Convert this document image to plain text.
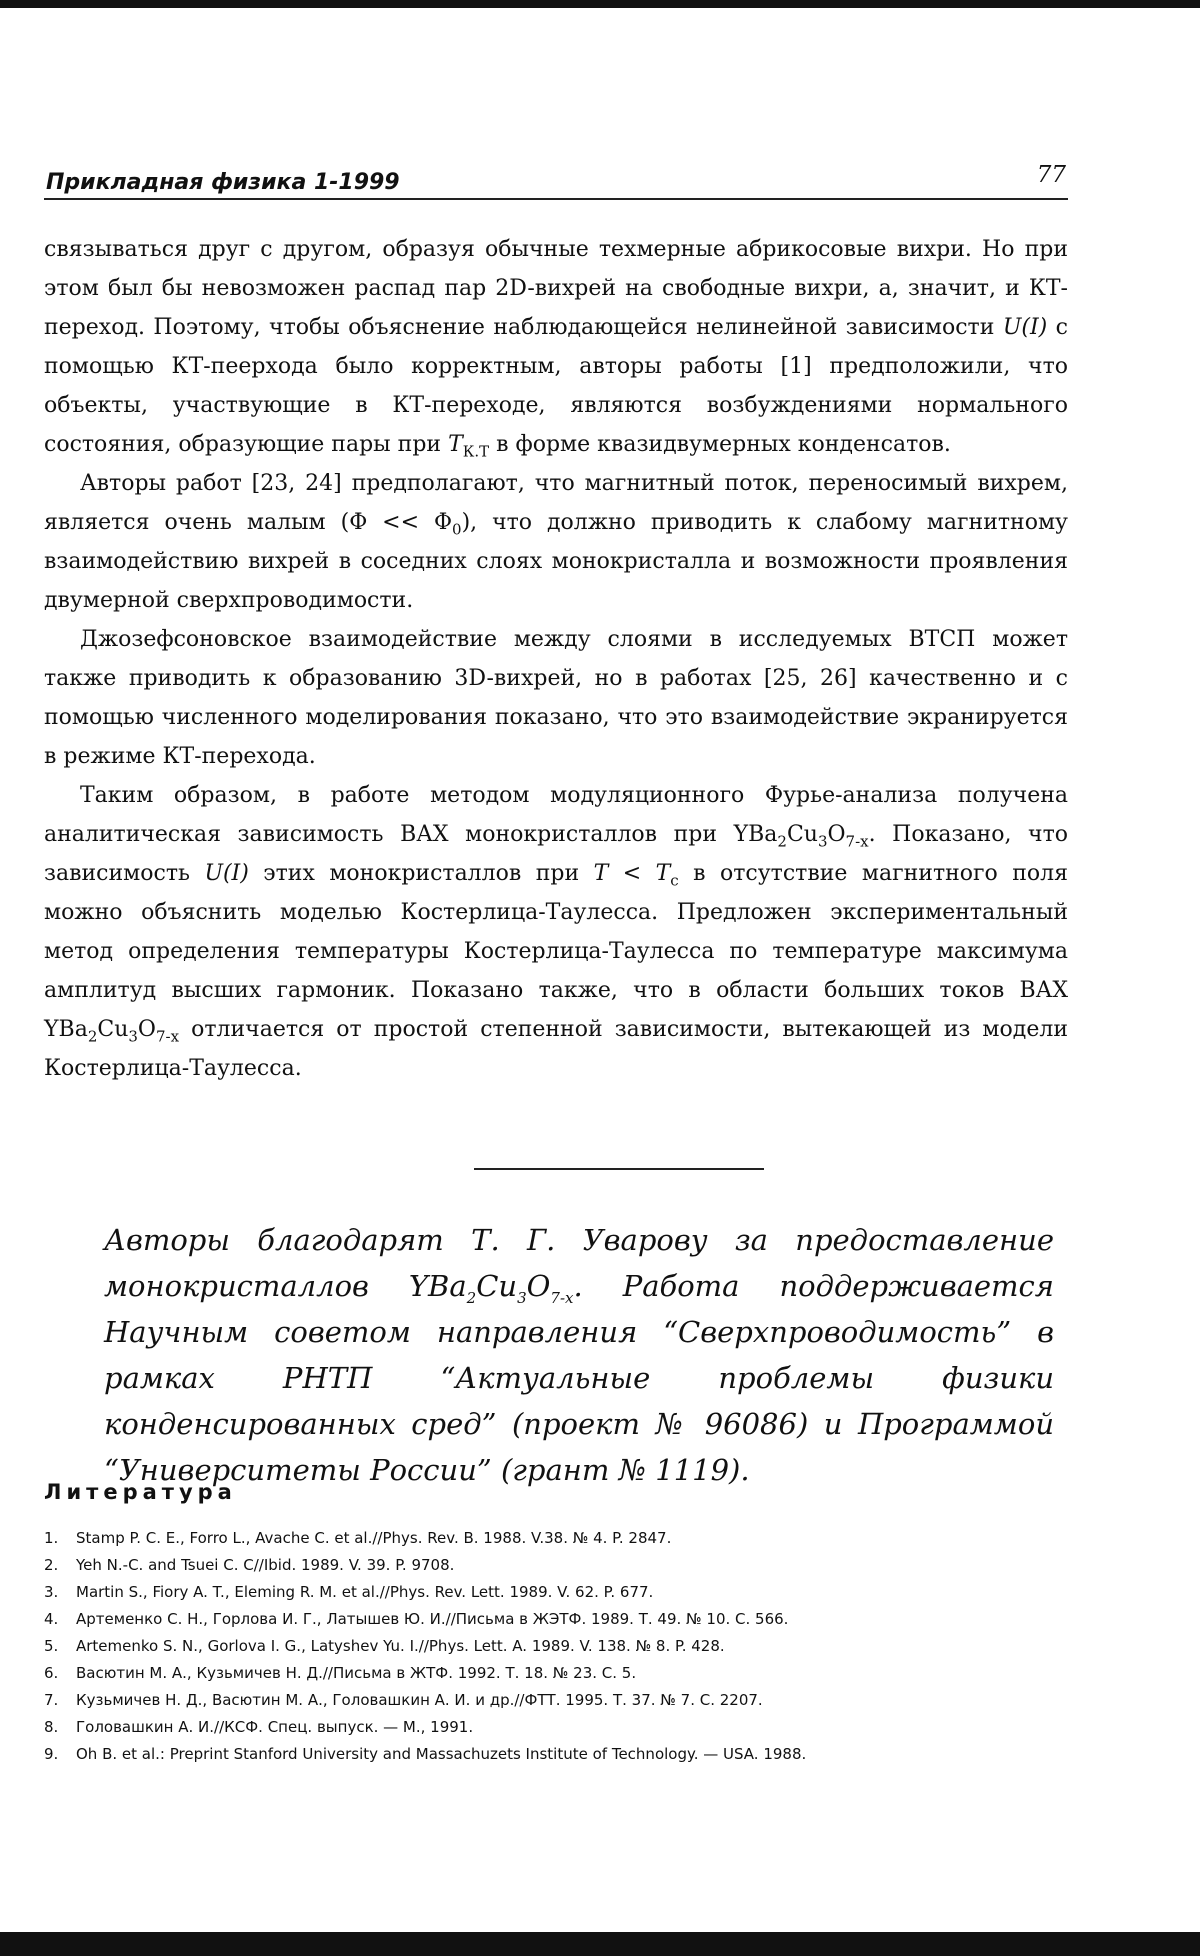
Прикладная физика 1-1999	77

связываться друг с другом, образуя обычные техмерные абрикосовые вихри. Но при этом был бы невозможен распад пар 2D-вихрей на свободные вихри, а, значит, и КТ-переход. Поэтому, чтобы объяснение наблюдающейся нелинейной зависимости U(I) с помощью КТ-пеерхода было корректным, авторы работы [1] предположили, что объекты, участвующие в КТ-переходе, являются возбуждениями нормального состояния, образующие пары при $T_{К.Т}$ в форме квазидвумерных конденсатов.

Авторы работ [23, 24] предполагают, что магнитный поток, переносимый вихрем, является очень малым $(\Phi << \Phi_0)$, что должно приводить к слабому магнитному взаимодействию вихрей в соседних слоях монокристалла и возможности проявления двумерной сверхпроводимости.

Джозефсоновское взаимодействие между слоями в исследуемых ВТСП может также приводить к образованию 3D-вихрей, но в работах [25, 26] качественно и с помощью численного моделирования показано, что это взаимодействие экранируется в режиме КТ-перехода.

Таким образом, в работе методом модуляционного Фурье-анализа получена аналитическая зависимость ВАХ монокристаллов при $YBa_2Cu_3O_{7-x}$. Показано, что зависимость U(I) этих монокристаллов при $T < T_c$ в отсутствие магнитного поля можно объяснить моделью Костерлица-Таулесса. Предложен экспериментальный метод определения температуры Костерлица-Таулесса по температуре максимума амплитуд высших гармоник. Показано также, что в области больших токов ВАХ $YBa_2Cu_3O_{7-x}$ отличается от простой степенной зависимости, вытекающей из модели Костерлица-Таулесса.

Авторы благодарят Т. Г. Уварову за предоставление монокристаллов $YBa_2Cu_3O_{7-x}$. Работа поддерживается Научным советом направления “Сверхпроводимость” в рамках РНТП “Актуальные проблемы физики конденсированных сред” (проект № 96086) и Программой “Университеты России” (грант № 1119).

Литература
1. Stamp P. C. E., Forro L., Avache C. et al.//Phys. Rev. B. 1988. V.38. № 4. P. 2847.
2. Yeh N.-C. and Tsuei C. C//Ibid. 1989. V. 39. P. 9708.
3. Martin S., Fiory A. T., Eleming R. M. et al.//Phys. Rev. Lett. 1989. V. 62. P. 677.
4. Артеменко С. Н., Горлова И. Г., Латышев Ю. И.//Письма в ЖЭТФ. 1989. Т. 49. № 10. С. 566.
5. Artemenko S. N., Gorlova I. G., Latyshev Yu. I.//Phys. Lett. A. 1989. V. 138. № 8. P. 428.
6. Васютин М. А., Кузьмичев Н. Д.//Письма в ЖТФ. 1992. Т. 18. № 23. С. 5.
7. Кузьмичев Н. Д., Васютин М. А., Головашкин А. И. и др.//ФТТ. 1995. Т. 37. № 7. С. 2207.
8. Головашкин А. И.//КСФ. Спец. выпуск. — М., 1991.
9. Oh B. et al.: Preprint Stanford University and Massachuzets Institute of Technology. — USA. 1988.
